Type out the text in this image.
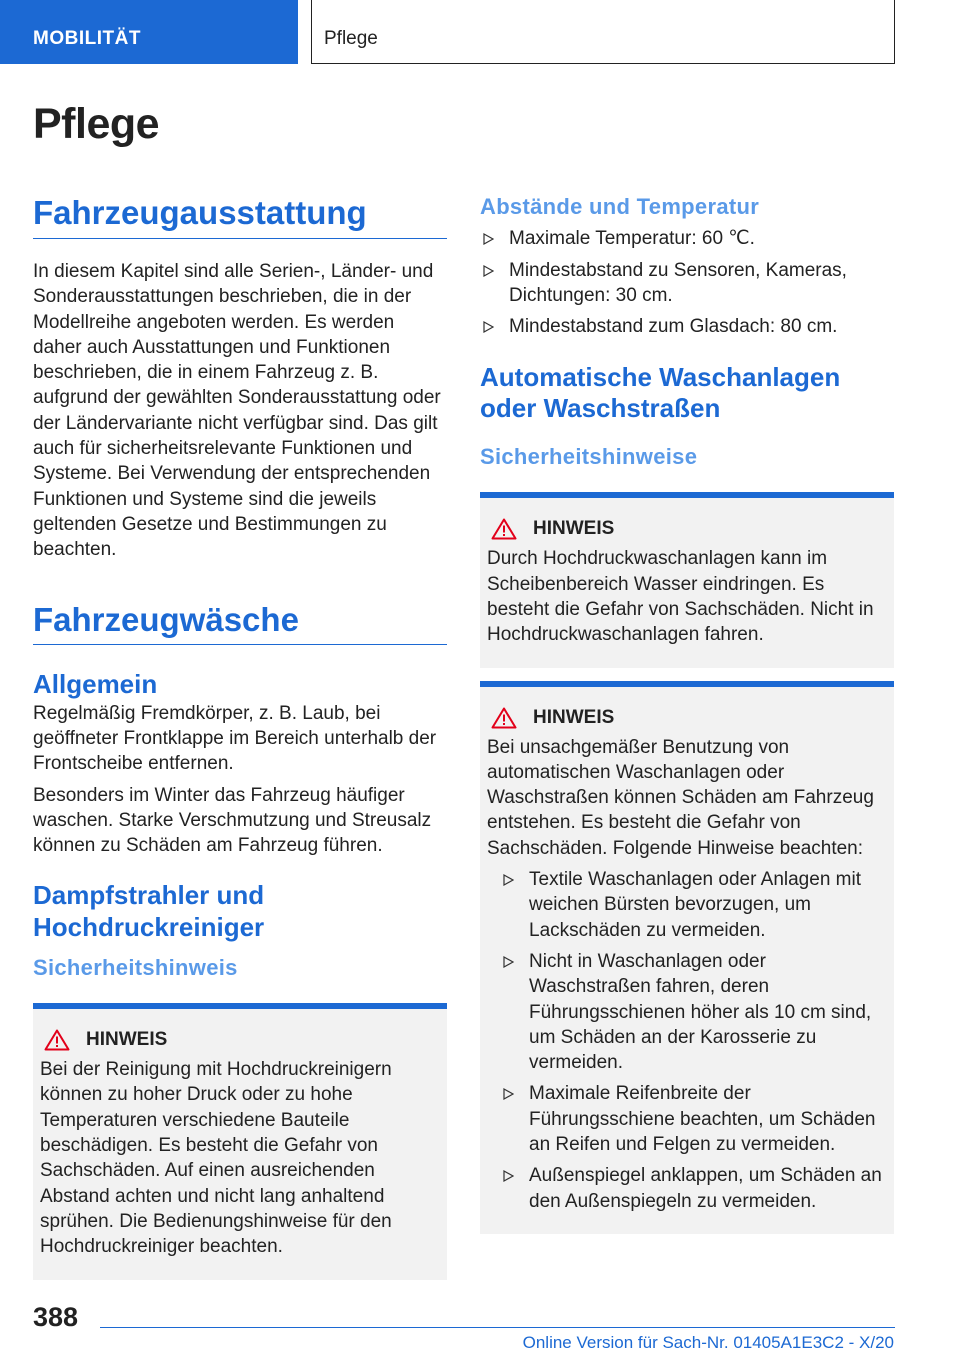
MOBILITÄT	Pflege
Pflege
Fahrzeugausstattung

In diesem Kapitel sind alle Serien-, Länder- und Sonderausstattungen beschrieben, die in der Modellreihe angeboten werden. Es werden daher auch Ausstattungen und Funktionen beschrieben, die in einem Fahrzeug z. B. aufgrund der gewählten Sonderausstattung oder der Ländervariante nicht verfügbar sind. Das gilt auch für sicherheitsrelevante Funktionen und Systeme. Bei Verwendung der entsprechenden Funktionen und Systeme sind die jeweils geltenden Gesetze und Bestimmungen zu beachten.

Fahrzeugwäsche
Allgemein

Regelmäßig Fremdkörper, z. B. Laub, bei geöffneter Frontklappe im Bereich unterhalb der Frontscheibe entfernen.

Besonders im Winter das Fahrzeug häufiger waschen. Starke Verschmutzung und Streusalz können zu Schäden am Fahrzeug führen.

Dampfstrahler und Hochdruckreiniger
Sicherheitshinweis
HINWEIS

Bei der Reinigung mit Hochdruckreinigern können zu hoher Druck oder zu hohe Temperaturen verschiedene Bauteile beschädigen. Es besteht die Gefahr von Sachschäden. Auf einen ausreichenden Abstand achten und nicht lang anhaltend sprühen. Die Bedienungshinweise für den Hochdruckreiniger beachten.

Abstände und Temperatur
Maximale Temperatur: 60 ℃.
Mindestabstand zu Sensoren, Kameras, Dichtungen: 30 cm.
Mindestabstand zum Glasdach: 80 cm.
Automatische Waschanlagen oder Waschstraßen
Sicherheitshinweise
HINWEIS

Durch Hochdruckwaschanlagen kann im Scheibenbereich Wasser eindringen. Es besteht die Gefahr von Sachschäden. Nicht in Hochdruckwaschanlagen fahren.

HINWEIS

Bei unsachgemäßer Benutzung von automatischen Waschanlagen oder Waschstraßen können Schäden am Fahrzeug entstehen. Es besteht die Gefahr von Sachschäden. Folgende Hinweise beachten:

Textile Waschanlagen oder Anlagen mit weichen Bürsten bevorzugen, um Lackschäden zu vermeiden.
Nicht in Waschanlagen oder Waschstraßen fahren, deren Führungsschienen höher als 10 cm sind, um Schäden an der Karosserie zu vermeiden.
Maximale Reifenbreite der Führungsschiene beachten, um Schäden an Reifen und Felgen zu vermeiden.
Außenspiegel anklappen, um Schäden an den Außenspiegeln zu vermeiden.
388
Online Version für Sach-Nr. 01405A1E3C2 - X/20
